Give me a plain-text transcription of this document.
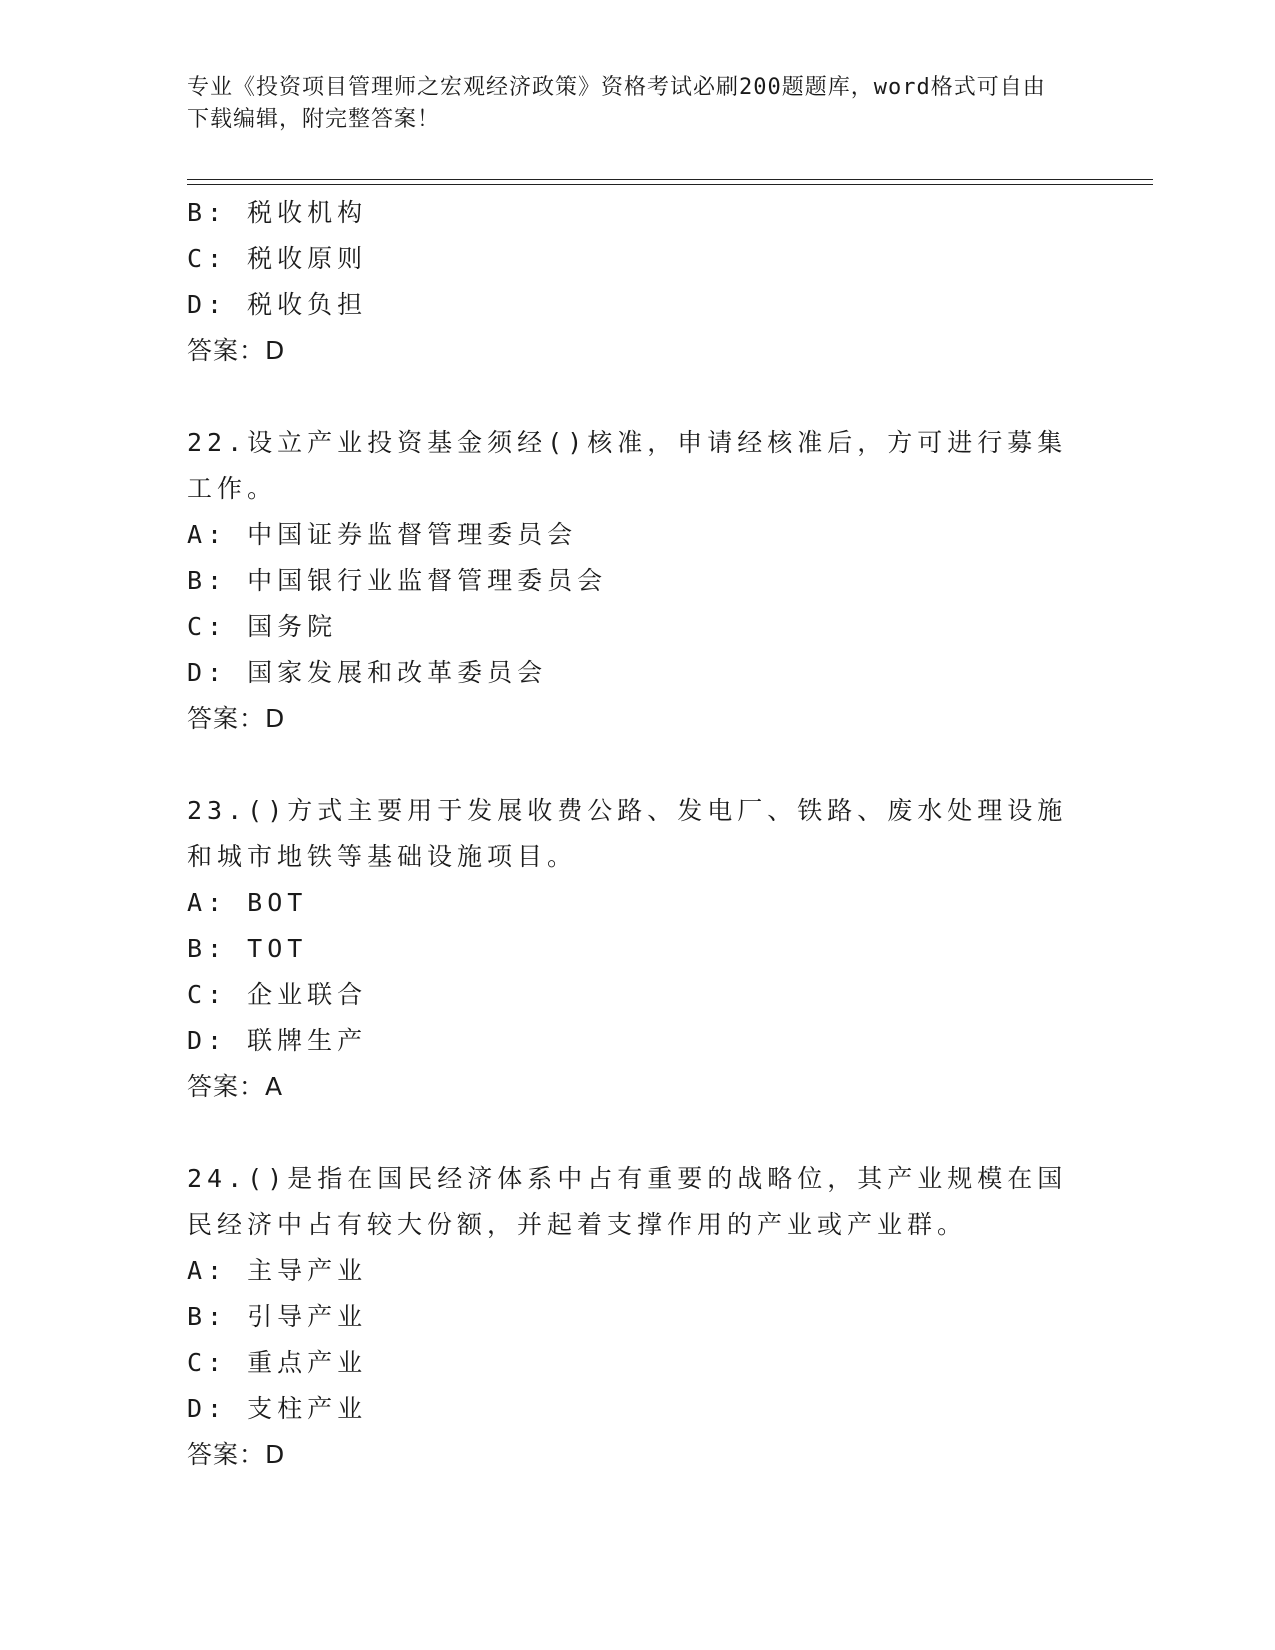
专业《投资项目管理师之宏观经济政策》资格考试必刷200题题库，word格式可自由下载编辑，附完整答案！
B: 税收机构
C: 税收原则
D: 税收负担
答案：D
22.设立产业投资基金须经()核准，申请经核准后，方可进行募集工作。
A: 中国证券监督管理委员会
B: 中国银行业监督管理委员会
C: 国务院
D: 国家发展和改革委员会
答案：D
23.()方式主要用于发展收费公路、发电厂、铁路、废水处理设施和城市地铁等基础设施项目。
A: BOT
B: TOT
C: 企业联合
D: 联牌生产
答案：A
24.()是指在国民经济体系中占有重要的战略位，其产业规模在国民经济中占有较大份额，并起着支撑作用的产业或产业群。
A: 主导产业
B: 引导产业
C: 重点产业
D: 支柱产业
答案：D
